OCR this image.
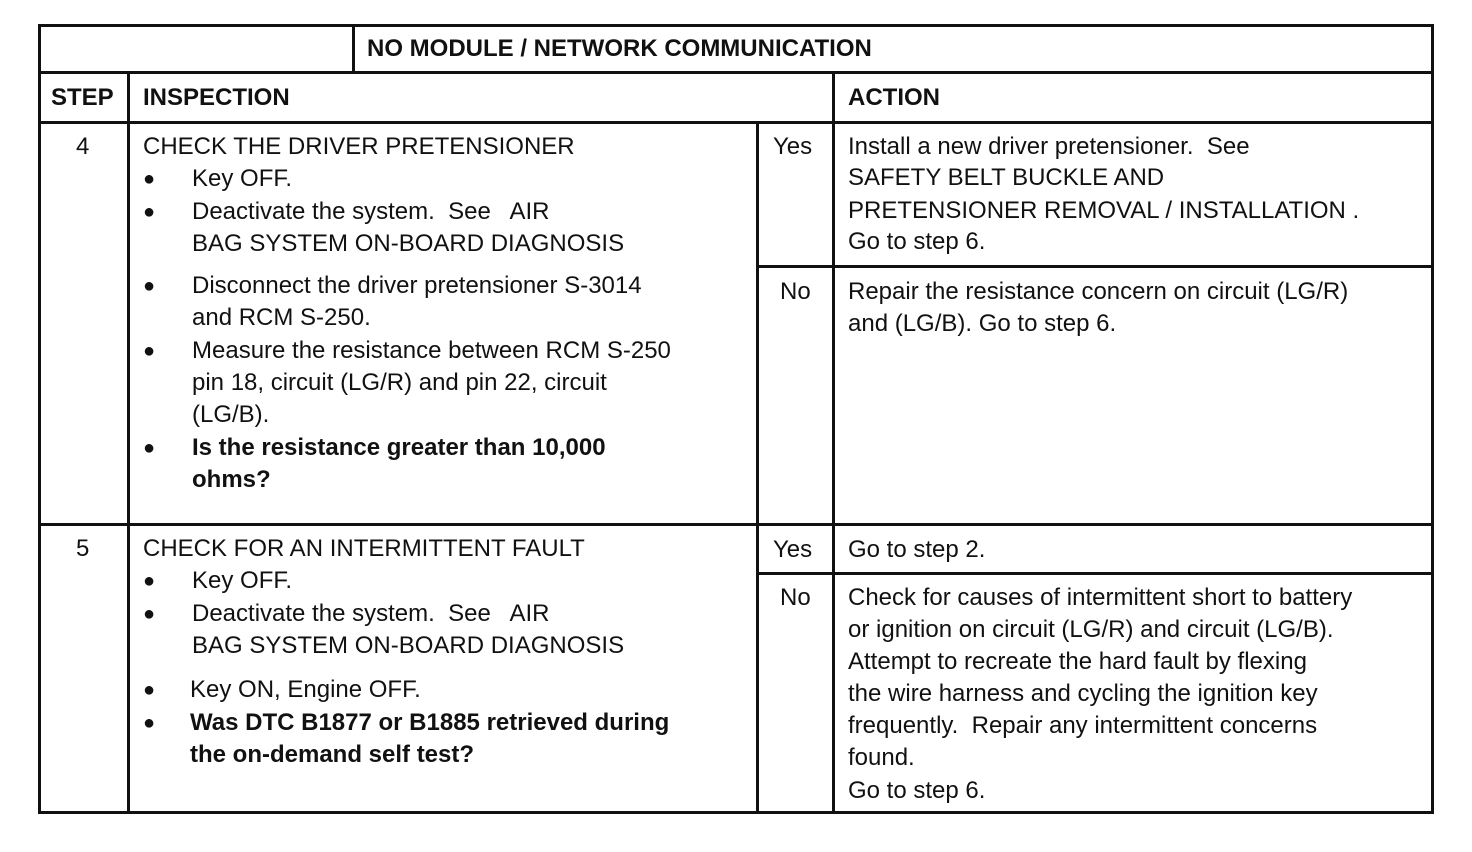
NO MODULE / NETWORK COMMUNICATION
STEP INSPECTION	ACTION
4 CHECK THE DRIVER PRETENSIONER
● Key OFF.
● Deactivate the system.  See   AIR
BAG SYSTEM ON-BOARD DIAGNOSIS
● Disconnect the driver pretensioner S-3014
and RCM S-250.
● Measure the resistance between RCM S-250
pin 18, circuit (LG/R) and pin 22, circuit
(LG/B).
● Is the resistance greater than 10,000
ohms?
Yes Install a new driver pretensioner.  See
SAFETY BELT BUCKLE AND
PRETENSIONER REMOVAL / INSTALLATION .
Go to step 6.
No Repair the resistance concern on circuit (LG/R)
and (LG/B). Go to step 6.
5 CHECK FOR AN INTERMITTENT FAULT
● Key OFF.
● Deactivate the system.  See   AIR
BAG SYSTEM ON-BOARD DIAGNOSIS
● Key ON, Engine OFF.
● Was DTC B1877 or B1885 retrieved during
the on-demand self test?
Yes Go to step 2.
No Check for causes of intermittent short to battery
or ignition on circuit (LG/R) and circuit (LG/B).
Attempt to recreate the hard fault by flexing
the wire harness and cycling the ignition key
frequently.  Repair any intermittent concerns
found.
Go to step 6.
